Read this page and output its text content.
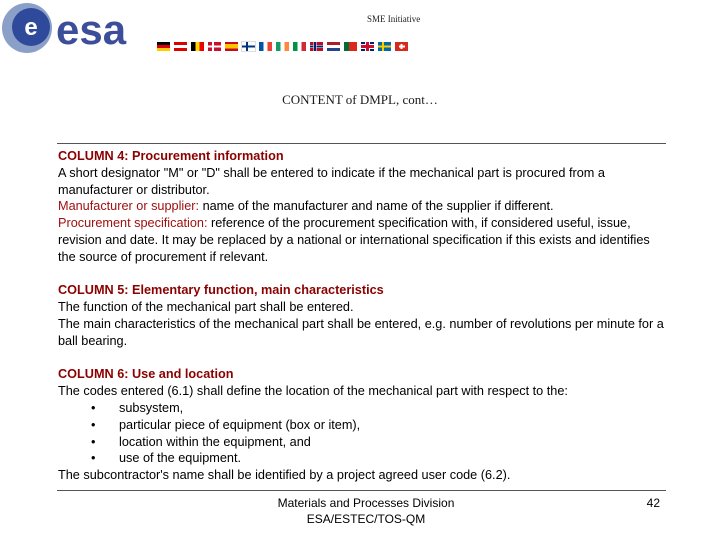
e esa	SME Initiative
CONTENT of DMPL, cont…

COLUMN 4: Procurement information

A short designator "M" or "D" shall be entered to indicate if the mechanical part is procured from a manufacturer or distributor.

Manufacturer or supplier: name of the manufacturer and name of the supplier if different.

Procurement specification: reference of the procurement specification with, if considered useful, issue, revision and date. It may be replaced by a national or international specification if this exists and identifies the source of procurement if relevant.

COLUMN 5: Elementary function, main characteristics

The function of the mechanical part shall be entered.

The main characteristics of the mechanical part shall be entered, e.g. number of revolutions per minute for a ball bearing.

COLUMN 6: Use and location

The codes entered (6.1) shall define the location of the mechanical part with respect to the:

• subsystem,
• particular piece of equipment (box or item),
• location within the equipment, and
• use of the equipment.

The subcontractor's name shall be identified by a project agreed user code (6.2).

Materials and Processes Division
ESA/ESTEC/TOS-QM
42
